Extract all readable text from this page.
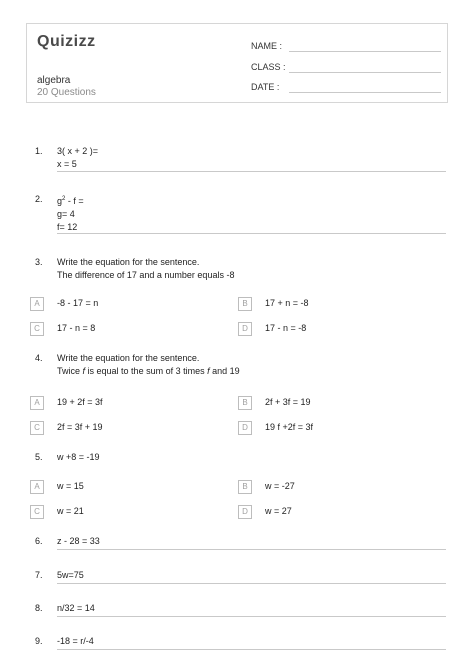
Quizizz
algebra
20 Questions
NAME :
CLASS :
DATE :
1.	3( x + 2 )=
x = 5
2.	$g^2$ - f =
g= 4
f= 12
3.	Write the equation for the sentence.
The difference of 17 and a number equals -8
A	-8 - 17 = n	B	17 + n = -8
C	17 - n = 8	D	17 - n = -8
4.	Write the equation for the sentence.
Twice f is equal to the sum of 3 times f and 19
A	19 + 2f = 3f	B	2f + 3f = 19
C	2f = 3f + 19	D	19 f +2f = 3f
5.	w +8 = -19
A	w = 15	B	w = -27
C	w = 21	D	w = 27
6.	z - 28 = 33
7.	5w=75
8.	n/32 = 14
9.	-18 = r/-4
